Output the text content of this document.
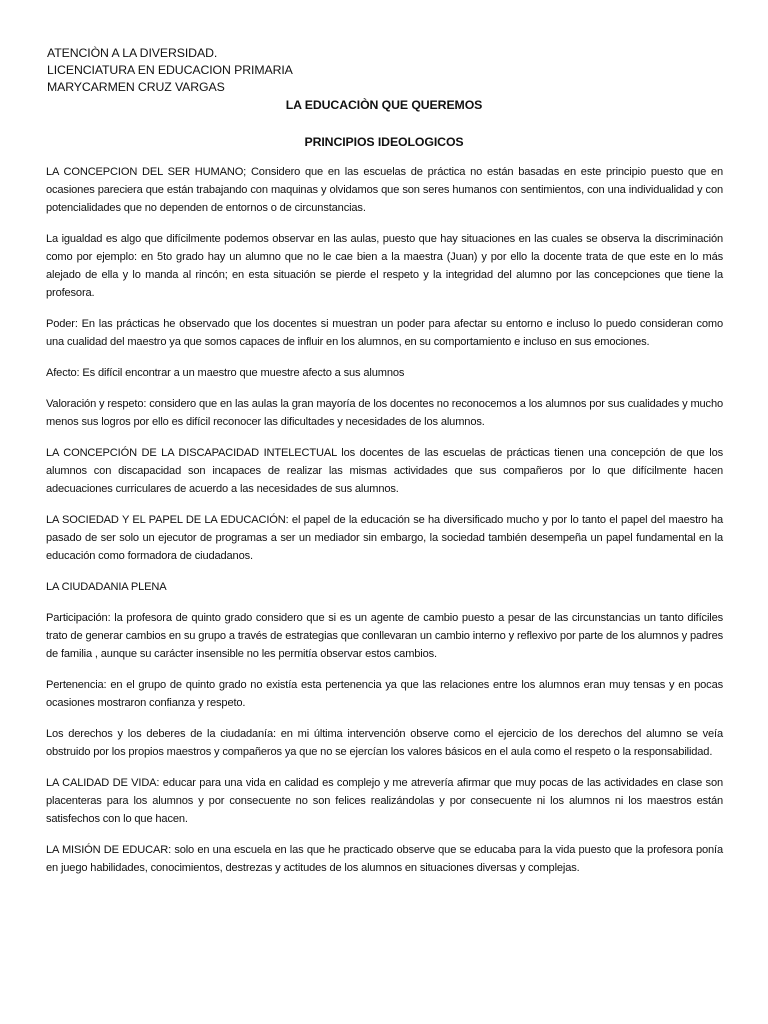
ATENCIÒN A LA DIVERSIDAD.
LICENCIATURA EN EDUCACION PRIMARIA
MARYCARMEN CRUZ VARGAS
LA EDUCACIÒN QUE QUEREMOS
PRINCIPIOS IDEOLOGICOS

LA CONCEPCION DEL SER HUMANO; Considero que en las escuelas de práctica no están basadas en este principio puesto que en ocasiones pareciera que están trabajando con maquinas y olvidamos que son seres humanos con sentimientos, con una individualidad y con potencialidades que no dependen de entornos o de circunstancias.

La igualdad es algo que difícilmente podemos observar en las aulas, puesto que hay situaciones en las cuales se observa la discriminación como por ejemplo: en 5to grado hay un alumno que no le cae bien a la maestra (Juan) y por ello la docente trata de que este en lo más alejado de ella y lo manda al rincón; en esta situación se pierde el respeto y la integridad del alumno por las concepciones que tiene la profesora.

Poder: En las prácticas he observado que los docentes si muestran un poder para afectar su entorno e incluso lo puedo consideran como una cualidad del maestro ya que somos capaces de influir en los alumnos, en su comportamiento e incluso en sus emociones.

Afecto: Es difícil encontrar a un maestro que muestre afecto a sus alumnos

Valoración y respeto: considero que en las aulas la gran mayoría de los docentes no reconocemos a los alumnos por sus cualidades y mucho menos sus logros por ello es difícil reconocer las dificultades y necesidades de los alumnos.

LA CONCEPCIÓN DE LA DISCAPACIDAD INTELECTUAL los docentes de las escuelas de prácticas tienen una concepción de que los alumnos con discapacidad son incapaces de realizar las mismas actividades que sus compañeros por lo que difícilmente hacen adecuaciones curriculares de acuerdo a las necesidades de sus alumnos.

LA SOCIEDAD Y EL PAPEL DE LA EDUCACIÓN: el papel de la educación se ha diversificado mucho y por lo tanto el papel del maestro ha pasado de ser solo un ejecutor de programas a ser un mediador sin embargo, la sociedad también desempeña un papel fundamental en la educación como formadora de ciudadanos.

LA CIUDADANIA PLENA

Participación: la profesora de quinto grado considero que si es un agente de cambio puesto a pesar de las circunstancias un tanto difíciles trato de generar cambios en su grupo a través de estrategias que conllevaran un cambio interno y reflexivo por parte de los alumnos y padres de familia , aunque su carácter insensible no les permitía observar estos cambios.

Pertenencia: en el grupo de quinto grado no existía esta pertenencia ya que las relaciones entre los alumnos eran muy tensas y en pocas ocasiones mostraron confianza y respeto.

Los derechos y los deberes de la ciudadanía: en mi última intervención observe como el ejercicio de los derechos del alumno se veía obstruido por los propios maestros y compañeros ya que no se ejercían los valores básicos en el aula como el respeto o la responsabilidad.

LA CALIDAD DE VIDA: educar para una vida en calidad es complejo y me atrevería afirmar que muy pocas de las actividades en clase son placenteras para los alumnos y por consecuente no son felices realizándolas y por consecuente ni los alumnos ni los maestros están satisfechos con lo que hacen.

LA MISIÓN DE EDUCAR: solo en una escuela en las que he practicado observe que se educaba para la vida puesto que la profesora ponía en juego habilidades, conocimientos, destrezas y actitudes de los alumnos en situaciones diversas y complejas.
